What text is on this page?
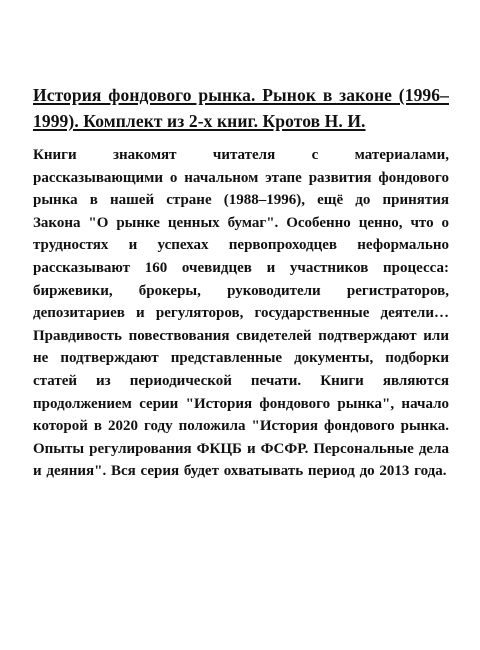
История фондового рынка. Рынок в законе (1996–1999). Комплект из 2-х книг. Кротов Н. И.

Книги знакомят читателя с материалами, рассказывающими о начальном этапе развития фондового рынка в нашей стране (1988–1996), ещё до принятия Закона "О рынке ценных бумаг". Особенно ценно, что о трудностях и успехах первопроходцев неформально рассказывают 160 очевидцев и участников процесса: биржевики, брокеры, руководители регистраторов, депозитариев и регуляторов, государственные деятели… Правдивость повествования свидетелей подтверждают или не подтверждают представленные документы, подборки статей из периодической печати. Книги являются продолжением серии "История фондового рынка", начало которой в 2020 году положила "История фондового рынка. Опыты регулирования ФКЦБ и ФСФР. Персональные дела и деяния". Вся серия будет охватывать период до 2013 года.
